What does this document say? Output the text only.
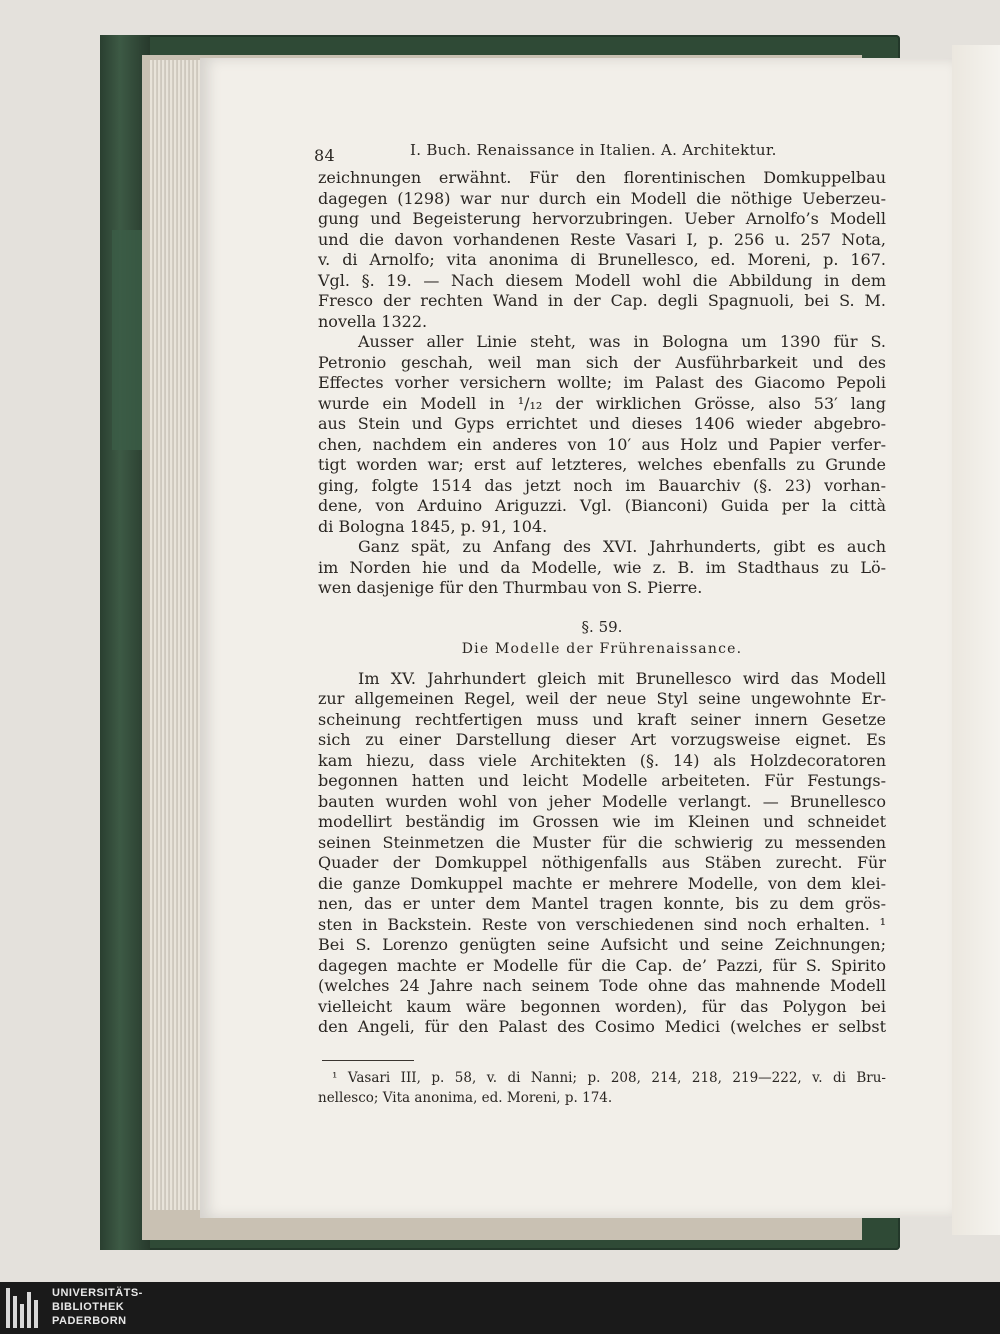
84	I. Buch. Renaissance in Italien. A. Architektur.
zeichnungen erwähnt. Für den florentinischen Domkuppelbau
dagegen (1298) war nur durch ein Modell die nöthige Ueberzeu-
gung und Begeisterung hervorzubringen. Ueber Arnolfo’s Modell
und die davon vorhandenen Reste Vasari I, p. 256 u. 257 Nota,
v. di Arnolfo; vita anonima di Brunellesco, ed. Moreni, p. 167.
Vgl. §. 19. — Nach diesem Modell wohl die Abbildung in dem
Fresco der rechten Wand in der Cap. degli Spagnuoli, bei S. M.
novella 1322.
Ausser aller Linie steht, was in Bologna um 1390 für S.
Petronio geschah, weil man sich der Ausführbarkeit und des
Effectes vorher versichern wollte; im Palast des Giacomo Pepoli
wurde ein Modell in ¹/₁₂ der wirklichen Grösse, also 53′ lang
aus Stein und Gyps errichtet und dieses 1406 wieder abgebro-
chen, nachdem ein anderes von 10′ aus Holz und Papier verfer-
tigt worden war; erst auf letzteres, welches ebenfalls zu Grunde
ging, folgte 1514 das jetzt noch im Bauarchiv (§. 23) vorhan-
dene, von Arduino Ariguzzi. Vgl. (Bianconi) Guida per la città
di Bologna 1845, p. 91, 104.
Ganz spät, zu Anfang des XVI. Jahrhunderts, gibt es auch
im Norden hie und da Modelle, wie z. B. im Stadthaus zu Lö-
wen dasjenige für den Thurmbau von S. Pierre.
§. 59.
Die Modelle der Frührenaissance.
Im XV. Jahrhundert gleich mit Brunellesco wird das Modell
zur allgemeinen Regel, weil der neue Styl seine ungewohnte Er-
scheinung rechtfertigen muss und kraft seiner innern Gesetze
sich zu einer Darstellung dieser Art vorzugsweise eignet. Es
kam hiezu, dass viele Architekten (§. 14) als Holzdecoratoren
begonnen hatten und leicht Modelle arbeiteten. Für Festungs-
bauten wurden wohl von jeher Modelle verlangt. — Brunellesco
modellirt beständig im Grossen wie im Kleinen und schneidet
seinen Steinmetzen die Muster für die schwierig zu messenden
Quader der Domkuppel nöthigenfalls aus Stäben zurecht. Für
die ganze Domkuppel machte er mehrere Modelle, von dem klei-
nen, das er unter dem Mantel tragen konnte, bis zu dem grös-
sten in Backstein. Reste von verschiedenen sind noch erhalten. ¹
Bei S. Lorenzo genügten seine Aufsicht und seine Zeichnungen;
dagegen machte er Modelle für die Cap. de’ Pazzi, für S. Spirito
(welches 24 Jahre nach seinem Tode ohne das mahnende Modell
vielleicht kaum wäre begonnen worden), für das Polygon bei
den Angeli, für den Palast des Cosimo Medici (welches er selbst
¹ Vasari III, p. 58, v. di Nanni; p. 208, 214, 218, 219—222, v. di Bru-
nellesco; Vita anonima, ed. Moreni, p. 174.
UNIVERSITÄTS-
BIBLIOTHEK
PADERBORN
